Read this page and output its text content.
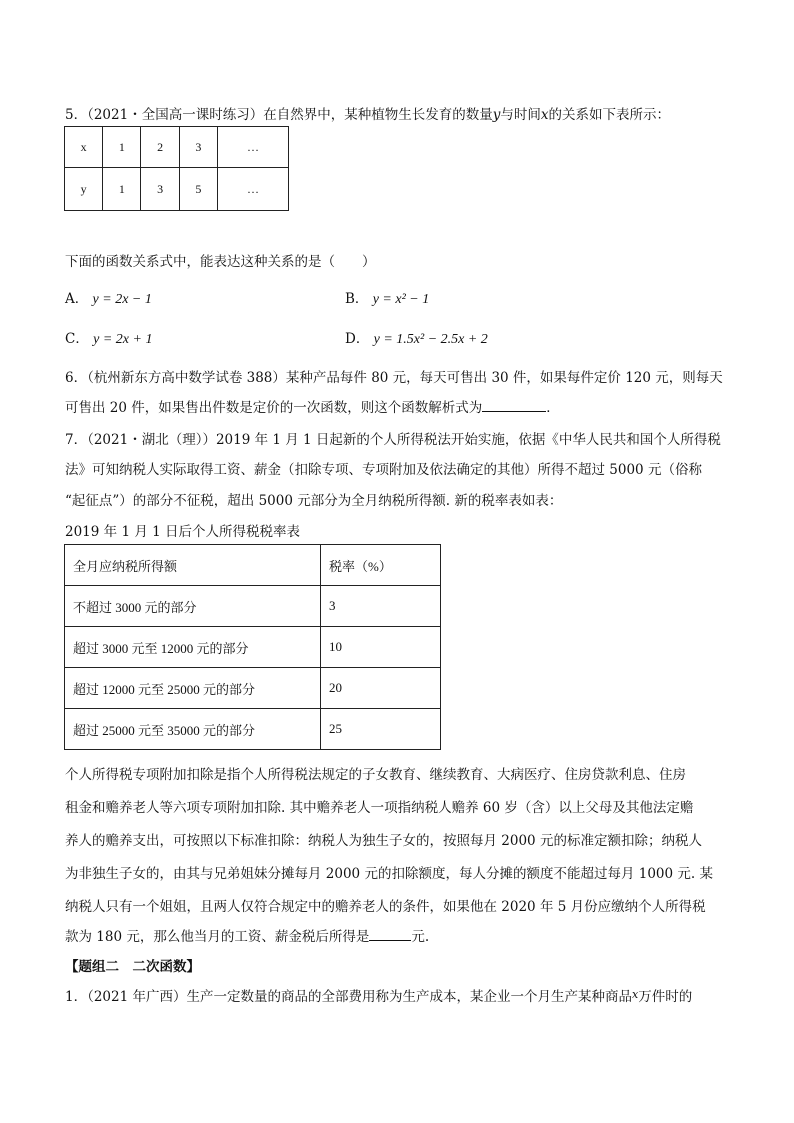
5．（2021・全国高一课时练习）在自然界中，某种植物生长发育的数量y与时间x的关系如下表所示：
x	1	2	3	…
y	1	3	5	…
下面的函数关系式中，能表达这种关系的是（　　）
A． y = 2x − 1	B． y = x² − 1
C． y = 2x + 1	D． y = 1.5x² − 2.5x + 2
6．（杭州新东方高中数学试卷 388）某种产品每件 80 元，每天可售出 30 件，如果每件定价 120 元，则每天
可售出 20 件，如果售出件数是定价的一次函数，则这个函数解析式为	．
7．（2021・湖北（理））2019 年 1 月 1 日起新的个人所得税法开始实施，依据《中华人民共和国个人所得税
法》可知纳税人实际取得工资、薪金（扣除专项、专项附加及依法确定的其他）所得不超过 5000 元（俗称
“起征点”）的部分不征税，超出 5000 元部分为全月纳税所得额. 新的税率表如表：
2019 年 1 月 1 日后个人所得税税率表
全月应纳税所得额	税率（%）
不超过 3000 元的部分	3
超过 3000 元至 12000 元的部分	10
超过 12000 元至 25000 元的部分	20
超过 25000 元至 35000 元的部分	25
个人所得税专项附加扣除是指个人所得税法规定的子女教育、继续教育、大病医疗、住房贷款利息、住房
租金和赡养老人等六项专项附加扣除. 其中赡养老人一项指纳税人赡养 60 岁（含）以上父母及其他法定赡
养人的赡养支出，可按照以下标准扣除：纳税人为独生子女的，按照每月 2000 元的标准定额扣除；纳税人
为非独生子女的，由其与兄弟姐妹分摊每月 2000 元的扣除额度，每人分摊的额度不能超过每月 1000 元. 某
纳税人只有一个姐姐，且两人仅符合规定中的赡养老人的条件，如果他在 2020 年 5 月份应缴纳个人所得税
款为 180 元，那么他当月的工资、薪金税后所得是	元.
【题组二　二次函数】
1．（2021 年广西）生产一定数量的商品的全部费用称为生产成本，某企业一个月生产某种商品$^x$万件时的
